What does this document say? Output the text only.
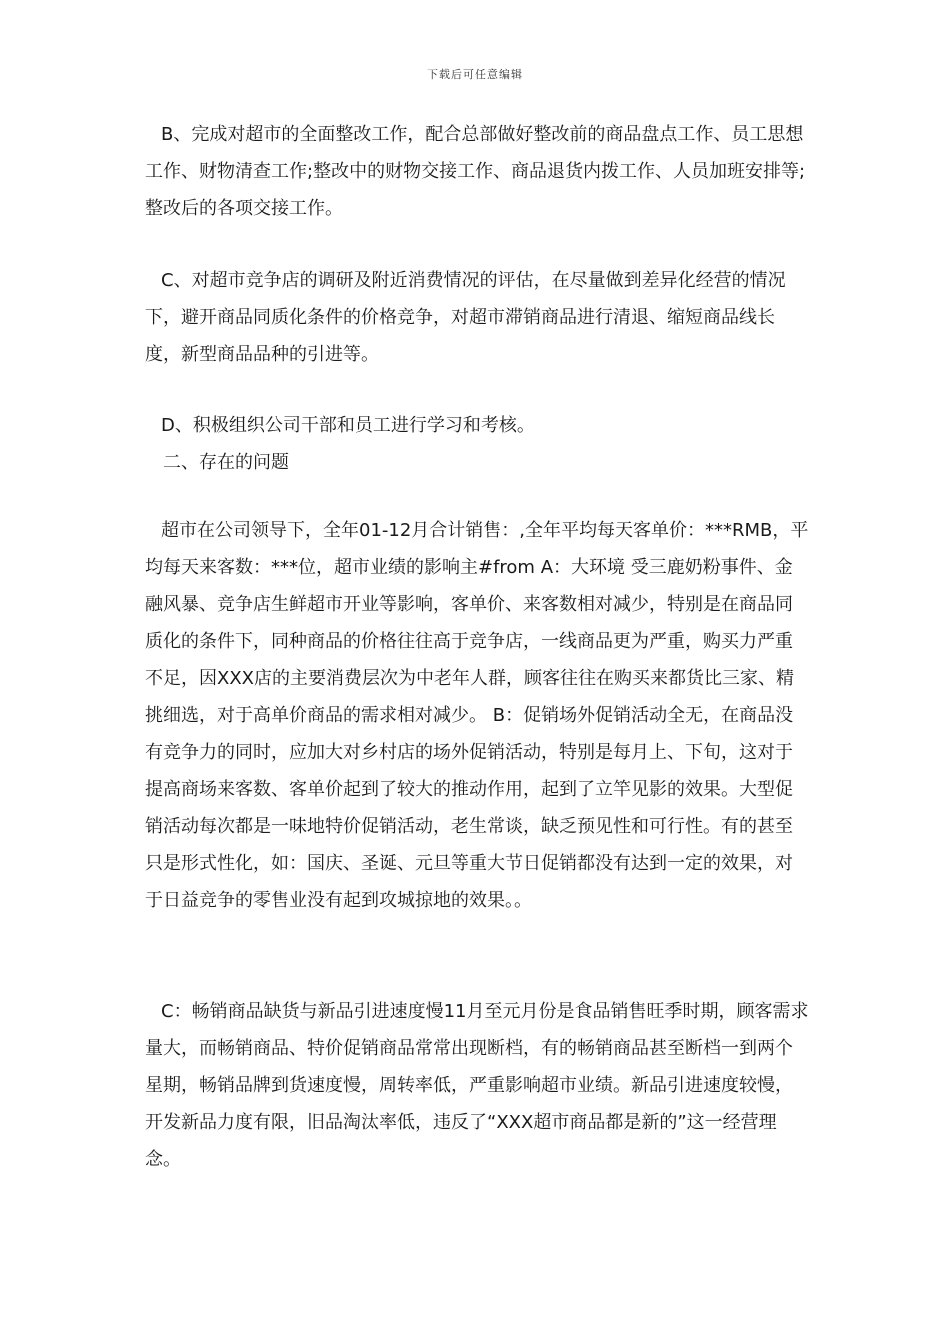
下载后可任意编辑

B、完成对超市的全面整改工作，配合总部做好整改前的商品盘点工作、员工思想工作、财物清查工作;整改中的财物交接工作、商品退货内拨工作、人员加班安排等;整改后的各项交接工作。

C、对超市竞争店的调研及附近消费情况的评估，在尽量做到差异化经营的情况下，避开商品同质化条件的价格竞争，对超市滞销商品进行清退、缩短商品线长度，新型商品品种的引进等。

D、积极组织公司干部和员工进行学习和考核。

二、存在的问题

超市在公司领导下，全年01-12月合计销售：,全年平均每天客单价：***RMB，平均每天来客数：***位，超市业绩的影响主#from A：大环境 受三鹿奶粉事件、金融风暴、竞争店生鲜超市开业等影响，客单价、来客数相对减少，特别是在商品同质化的条件下，同种商品的价格往往高于竞争店，一线商品更为严重，购买力严重不足，因XXX店的主要消费层次为中老年人群，顾客往往在购买来都货比三家、精挑细选，对于高单价商品的需求相对减少。 B：促销场外促销活动全无，在商品没有竞争力的同时，应加大对乡村店的场外促销活动，特别是每月上、下旬，这对于提高商场来客数、客单价起到了较大的推动作用，起到了立竿见影的效果。大型促销活动每次都是一味地特价促销活动，老生常谈，缺乏预见性和可行性。有的甚至只是形式性化，如：国庆、圣诞、元旦等重大节日促销都没有达到一定的效果，对于日益竞争的零售业没有起到攻城掠地的效果。。

C：畅销商品缺货与新品引进速度慢11月至元月份是食品销售旺季时期，顾客需求量大，而畅销商品、特价促销商品常常出现断档，有的畅销商品甚至断档一到两个星期，畅销品牌到货速度慢，周转率低，严重影响超市业绩。新品引进速度较慢，开发新品力度有限，旧品淘汰率低，违反了“XXX超市商品都是新的”这一经营理念。
